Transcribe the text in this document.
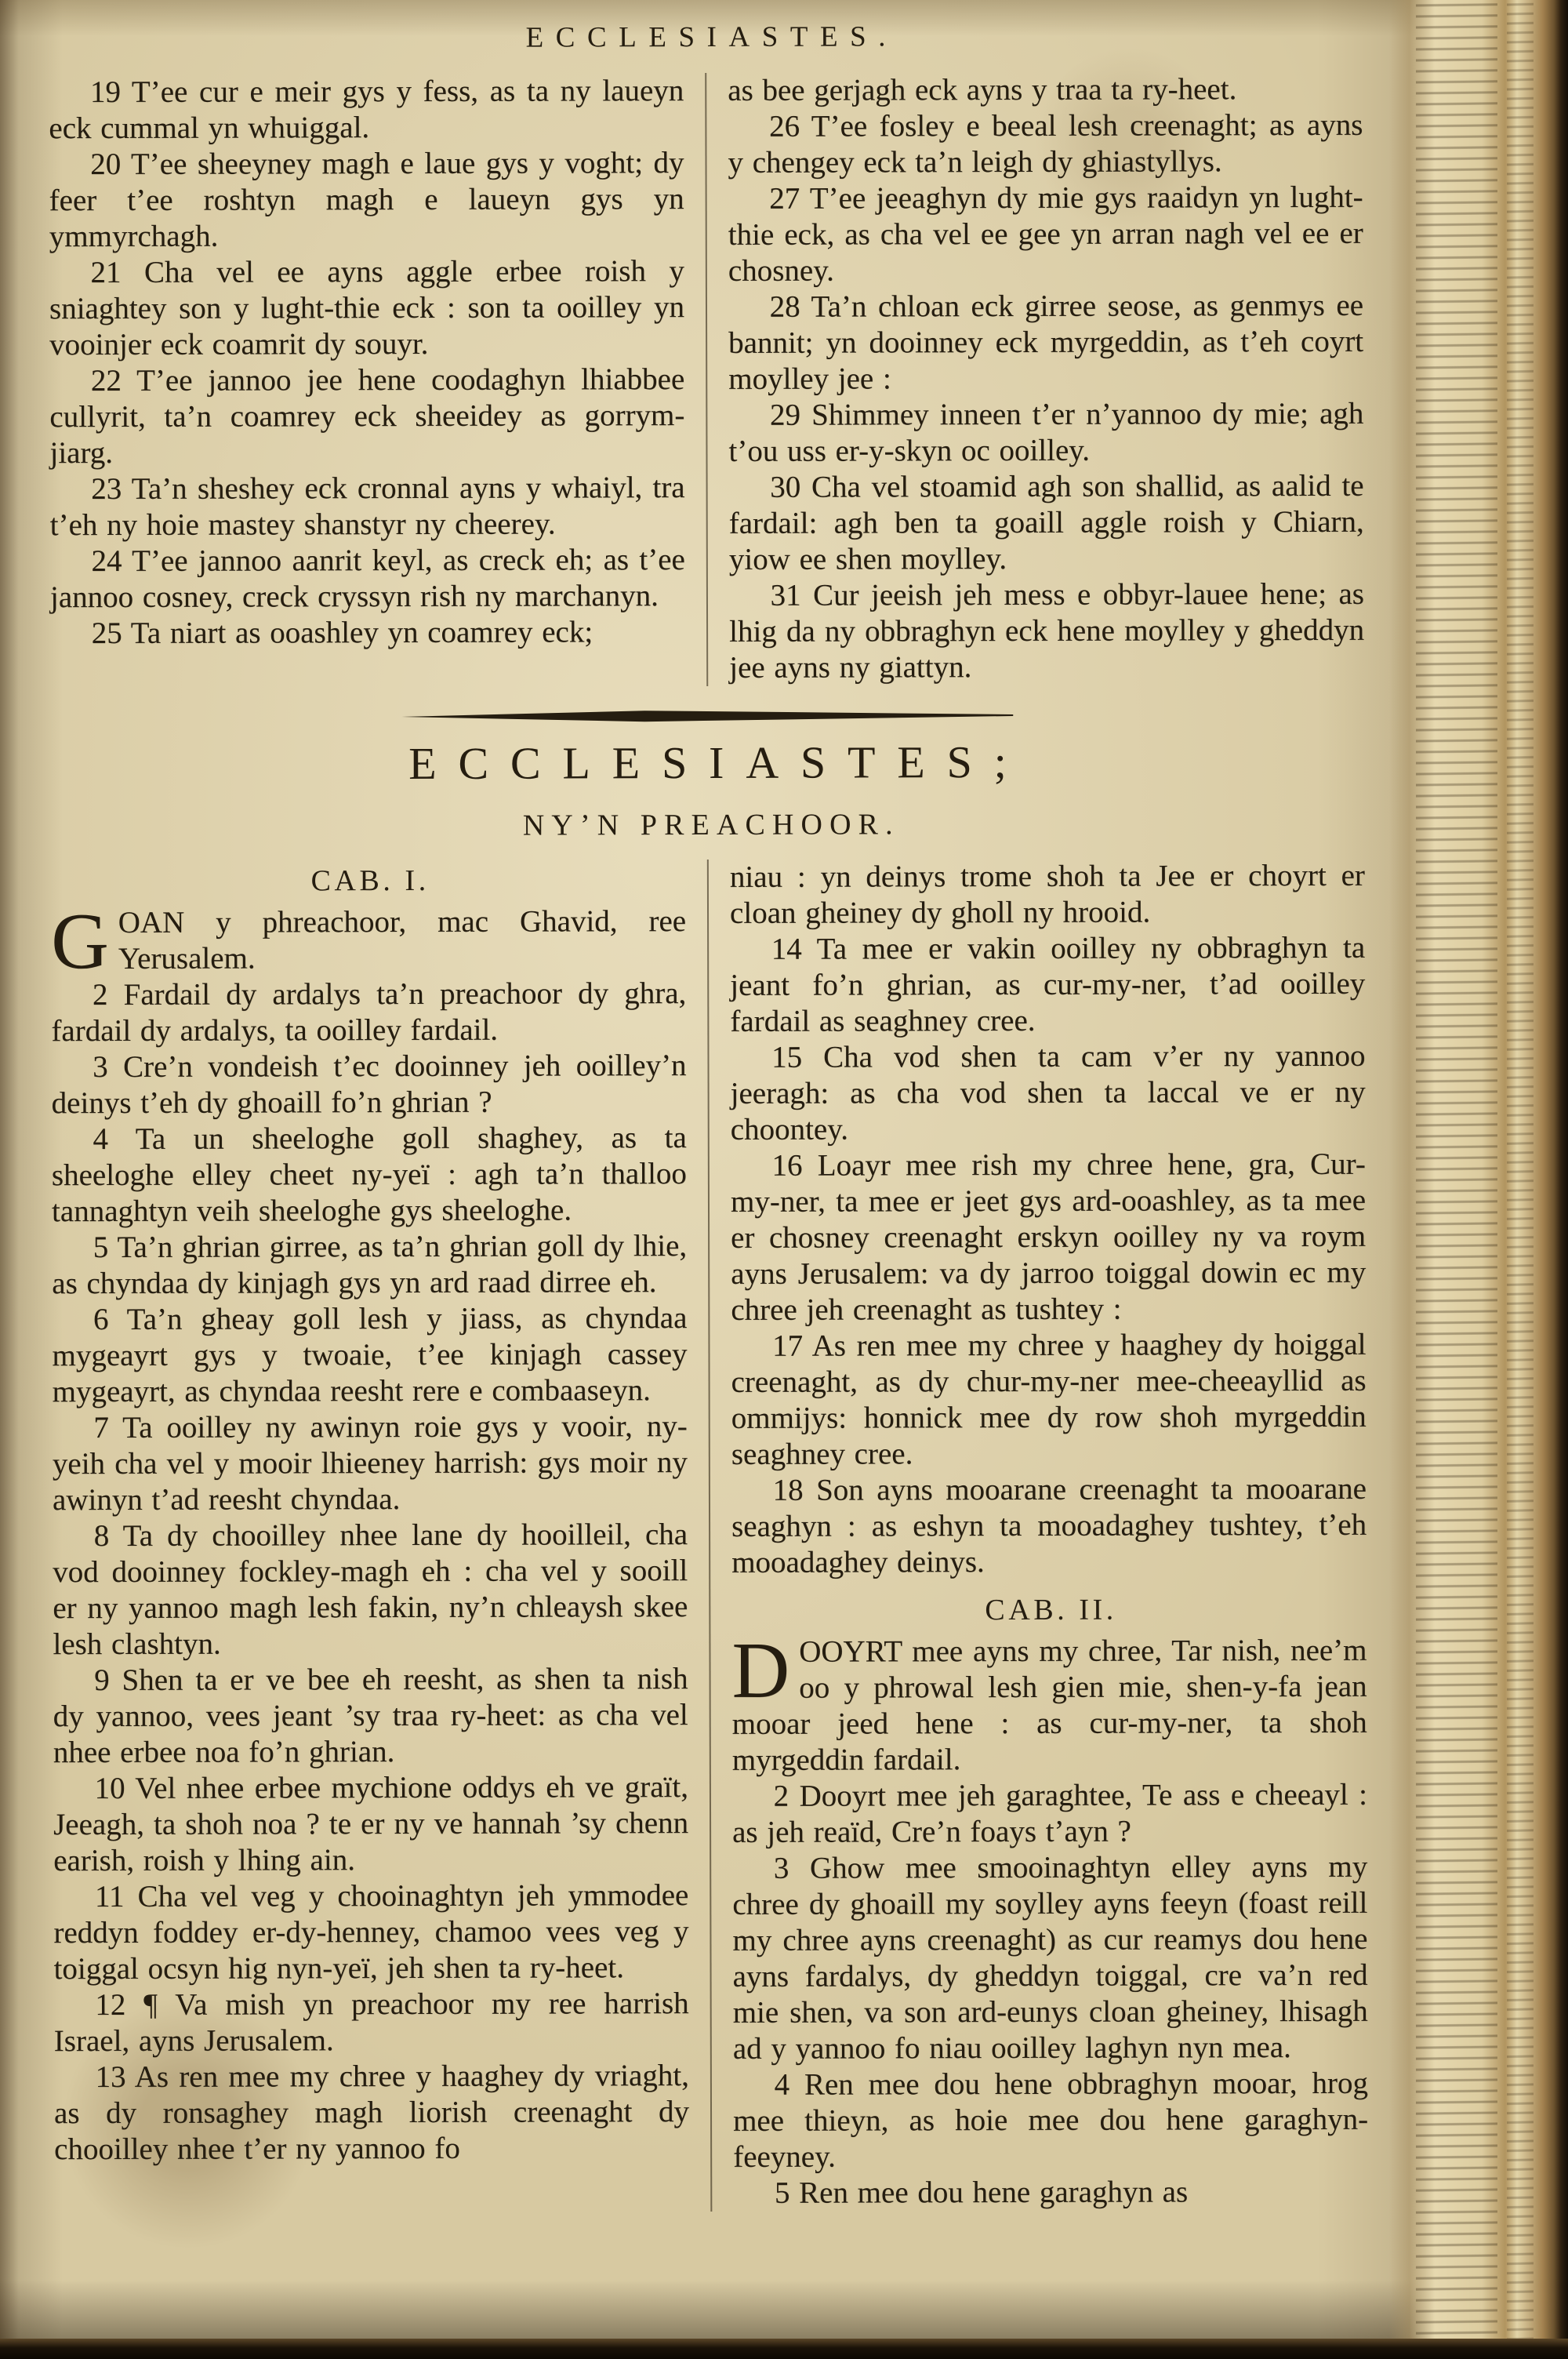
ECCLESIASTES.

19 T’ee cur e meir gys y fess, as ta ny laueyn eck cummal yn whuiggal.

20 T’ee sheeyney magh e laue gys y voght; dy feer t’ee roshtyn magh e laueyn gys yn ymmyrchagh.

21 Cha vel ee ayns aggle erbee roish y sniaghtey son y lught-thie eck : son ta ooilley yn vooinjer eck coamrit dy souyr.

22 T’ee jannoo jee hene coodaghyn lhiabbee cullyrit, ta’n coamrey eck sheeidey as gorrym-jiarg.

23 Ta’n sheshey eck cronnal ayns y whaiyl, tra t’eh ny hoie mastey shanstyr ny cheerey.

24 T’ee jannoo aanrit keyl, as creck eh; as t’ee jannoo cosney, creck cryssyn rish ny marchanyn.

25 Ta niart as ooashley yn coamrey eck;

as bee gerjagh eck ayns y traa ta ry-heet.

26 T’ee fosley e beeal lesh creenaght; as ayns y chengey eck ta’n leigh dy ghiastyllys.

27 T’ee jeeaghyn dy mie gys raaidyn yn lught-thie eck, as cha vel ee gee yn arran nagh vel ee er chosney.

28 Ta’n chloan eck girree seose, as genmys ee bannit; yn dooinney eck myrgeddin, as t’eh coyrt moylley jee :

29 Shimmey inneen t’er n’yannoo dy mie; agh t’ou uss er-y-skyn oc ooilley.

30 Cha vel stoamid agh son shallid, as aalid te fardail: agh ben ta goaill aggle roish y Chiarn, yiow ee shen moylley.

31 Cur jeeish jeh mess e obbyr-lauee hene; as lhig da ny obbraghyn eck hene moylley y gheddyn jee ayns ny giattyn.

ECCLESIASTES;
NY’N PREACHOOR.
CAB. I.

GOAN y phreachoor, mac Ghavid, ree Yerusalem.

2 Fardail dy ardalys ta’n preachoor dy ghra, fardail dy ardalys, ta ooilley fardail.

3 Cre’n vondeish t’ec dooinney jeh ooilley’n deinys t’eh dy ghoaill fo’n ghrian ?

4 Ta un sheeloghe goll shaghey, as ta sheeloghe elley cheet ny-yeï : agh ta’n thalloo tannaghtyn veih sheeloghe gys sheeloghe.

5 Ta’n ghrian girree, as ta’n ghrian goll dy lhie, as chyndaa dy kinjagh gys yn ard raad dirree eh.

6 Ta’n gheay goll lesh y jiass, as chyndaa mygeayrt gys y twoaie, t’ee kinjagh cassey mygeayrt, as chyndaa reesht rere e combaaseyn.

7 Ta ooilley ny awinyn roie gys y vooir, ny-yeih cha vel y mooir lhieeney harrish: gys moir ny awinyn t’ad reesht chyndaa.

8 Ta dy chooilley nhee lane dy hooilleil, cha vod dooinney fockley-magh eh : cha vel y sooill er ny yannoo magh lesh fakin, ny’n chleaysh skee lesh clashtyn.

9 Shen ta er ve bee eh reesht, as shen ta nish dy yannoo, vees jeant ’sy traa ry-heet: as cha vel nhee erbee noa fo’n ghrian.

10 Vel nhee erbee mychione oddys eh ve graït, Jeeagh, ta shoh noa ? te er ny ve hannah ’sy chenn earish, roish y lhing ain.

11 Cha vel veg y chooinaghtyn jeh ymmodee reddyn foddey er-dy-henney, chamoo vees veg y toiggal ocsyn hig nyn-yeï, jeh shen ta ry-heet.

12 ¶ Va mish yn preachoor my ree harrish Israel, ayns Jerusalem.

13 As ren mee my chree y haaghey dy vriaght, as dy ronsaghey magh liorish creenaght dy chooilley nhee t’er ny yannoo fo

niau : yn deinys trome shoh ta Jee er choyrt er cloan gheiney dy gholl ny hrooid.

14 Ta mee er vakin ooilley ny obbraghyn ta jeant fo’n ghrian, as cur-my-ner, t’ad ooilley fardail as seaghney cree.

15 Cha vod shen ta cam v’er ny yannoo jeeragh: as cha vod shen ta laccal ve er ny choontey.

16 Loayr mee rish my chree hene, gra, Cur-my-ner, ta mee er jeet gys ard-ooashley, as ta mee er chosney creenaght erskyn ooilley ny va roym ayns Jerusalem: va dy jarroo toiggal dowin ec my chree jeh creenaght as tushtey :

17 As ren mee my chree y haaghey dy hoiggal creenaght, as dy chur-my-ner mee-cheeayllid as ommijys: honnick mee dy row shoh myrgeddin seaghney cree.

18 Son ayns mooarane creenaght ta mooarane seaghyn : as eshyn ta mooadaghey tushtey, t’eh mooadaghey deinys.

CAB. II.

DOOYRT mee ayns my chree, Tar nish, nee’m oo y phrowal lesh gien mie, shen-y-fa jean mooar jeed hene : as cur-my-ner, ta shoh myrgeddin fardail.

2 Dooyrt mee jeh garaghtee, Te ass e cheeayl : as jeh reaïd, Cre’n foays t’ayn ?

3 Ghow mee smooinaghtyn elley ayns my chree dy ghoaill my soylley ayns feeyn (foast reill my chree ayns creenaght) as cur reamys dou hene ayns fardalys, dy gheddyn toiggal, cre va’n red mie shen, va son ard-eunys cloan gheiney, lhisagh ad y yannoo fo niau ooilley laghyn nyn mea.

4 Ren mee dou hene obbraghyn mooar, hrog mee thieyn, as hoie mee dou hene garaghyn-feeyney.

5 Ren mee dou hene garaghyn as
